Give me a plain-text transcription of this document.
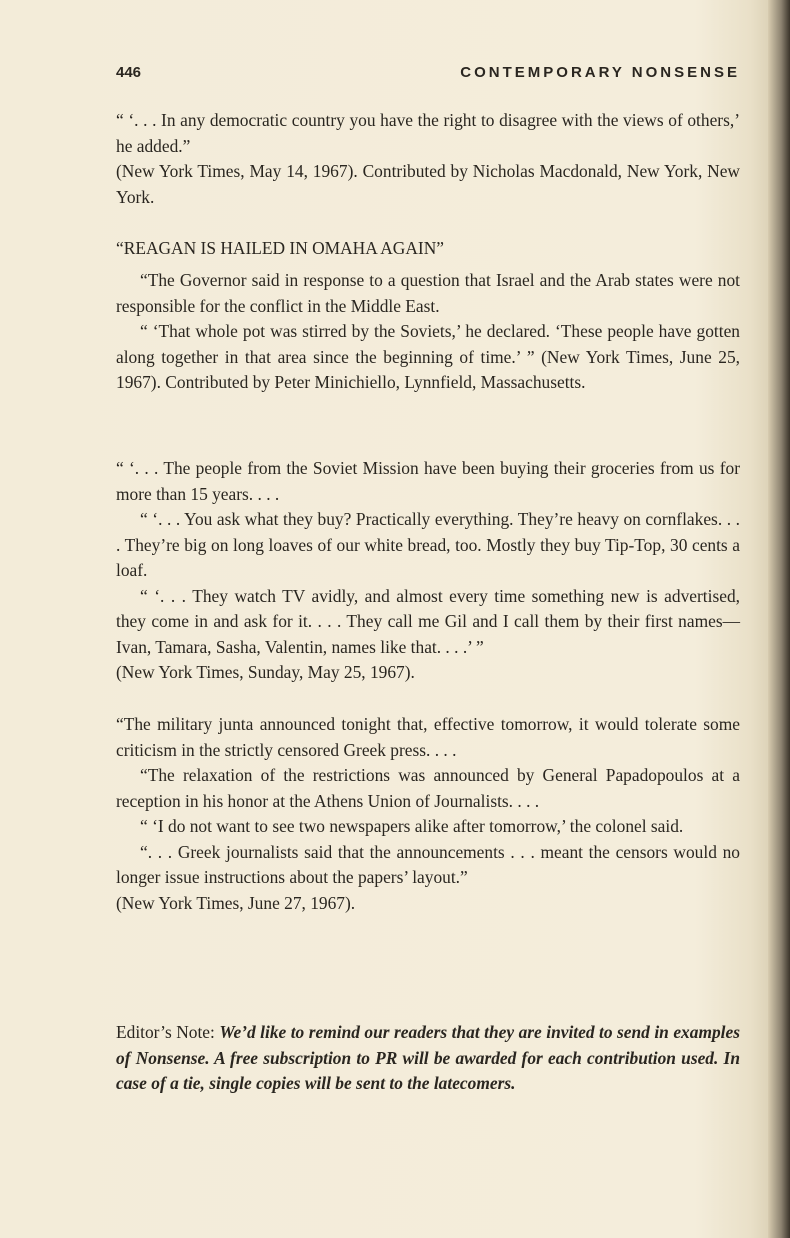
446	CONTEMPORARY NONSENSE

“ ‘. . . In any democratic country you have the right to disagree with the views of others,’ he added.”

(New York Times, May 14, 1967). Contributed by Nicholas Macdonald, New York, New York.

“REAGAN IS HAILED IN OMAHA AGAIN”

“The Governor said in response to a question that Israel and the Arab states were not responsible for the conflict in the Middle East.

“ ‘That whole pot was stirred by the Soviets,’ he declared. ‘These people have gotten along together in that area since the beginning of time.’ ” (New York Times, June 25, 1967). Contributed by Peter Minichiello, Lynnfield, Massachusetts.

“ ‘. . . The people from the Soviet Mission have been buying their groceries from us for more than 15 years. . . .

“ ‘. . . You ask what they buy? Practically everything. They’re heavy on cornflakes. . . . They’re big on long loaves of our white bread, too. Mostly they buy Tip-Top, 30 cents a loaf.

“ ‘. . . They watch TV avidly, and almost every time something new is advertised, they come in and ask for it. . . . They call me Gil and I call them by their first names—Ivan, Tamara, Sasha, Valentin, names like that. . . .’ ”

(New York Times, Sunday, May 25, 1967).

“The military junta announced tonight that, effective tomorrow, it would tolerate some criticism in the strictly censored Greek press. . . .

“The relaxation of the restrictions was announced by General Papadopoulos at a reception in his honor at the Athens Union of Journalists. . . .

“ ‘I do not want to see two newspapers alike after tomorrow,’ the colonel said.

“. . . Greek journalists said that the announcements . . . meant the censors would no longer issue instructions about the papers’ layout.”

(New York Times, June 27, 1967).

Editor’s Note: We’d like to remind our readers that they are invited to send in examples of Nonsense. A free subscription to PR will be awarded for each contribution used. In case of a tie, single copies will be sent to the latecomers.
